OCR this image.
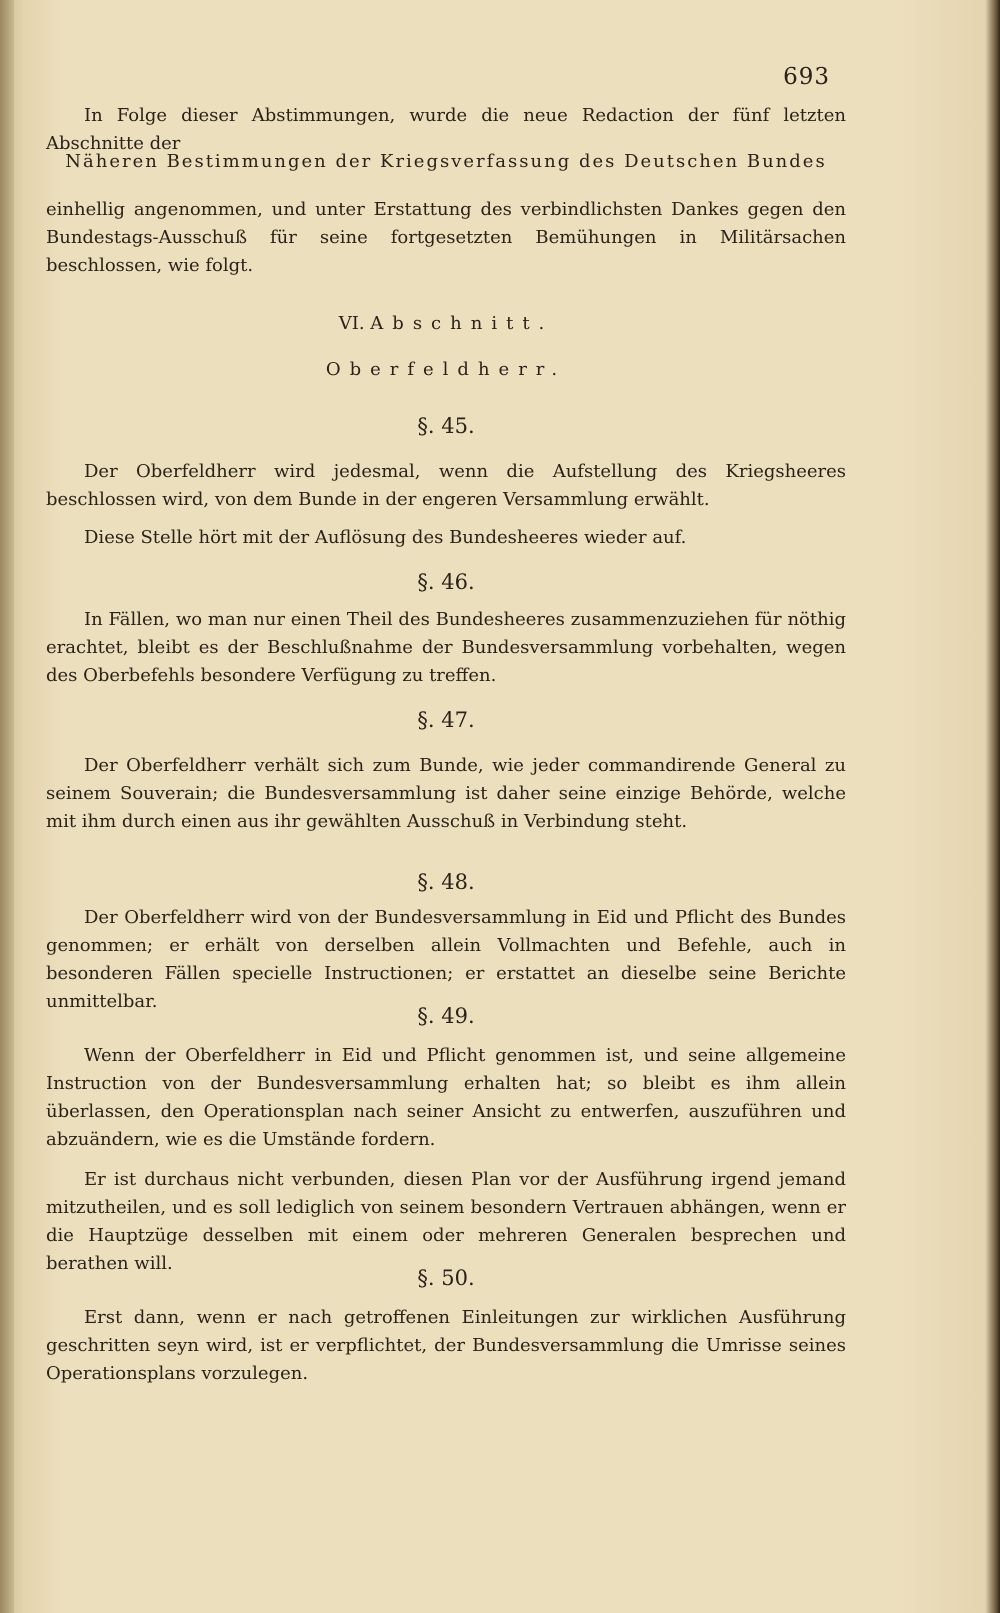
693

In Folge dieser Abstimmungen, wurde die neue Redaction der fünf letzten Abschnitte der

Näheren Bestimmungen der Kriegsverfassung des Deutschen Bundes

einhellig angenommen, und unter Erstattung des verbindlichsten Dankes gegen den Bundestags-Ausschuß für seine fortgesetzten Bemühungen in Militärsachen beschlossen, wie folgt.

VI. Abschnitt.

Oberfeldherr.

§. 45.

Der Oberfeldherr wird jedesmal, wenn die Aufstellung des Kriegsheeres beschlossen wird, von dem Bunde in der engeren Versammlung erwählt.

Diese Stelle hört mit der Auflösung des Bundesheeres wieder auf.

§. 46.

In Fällen, wo man nur einen Theil des Bundesheeres zusammenzuziehen für nöthig erachtet, bleibt es der Beschlußnahme der Bundesversammlung vorbehalten, wegen des Oberbefehls besondere Verfügung zu treffen.

§. 47.

Der Oberfeldherr verhält sich zum Bunde, wie jeder commandirende General zu seinem Souverain; die Bundesversammlung ist daher seine einzige Behörde, welche mit ihm durch einen aus ihr gewählten Ausschuß in Verbindung steht.

§. 48.

Der Oberfeldherr wird von der Bundesversammlung in Eid und Pflicht des Bundes genommen; er erhält von derselben allein Vollmachten und Befehle, auch in besonderen Fällen specielle Instructionen; er erstattet an dieselbe seine Berichte unmittelbar.

§. 49.

Wenn der Oberfeldherr in Eid und Pflicht genommen ist, und seine allgemeine Instruction von der Bundesversammlung erhalten hat; so bleibt es ihm allein überlassen, den Operationsplan nach seiner Ansicht zu entwerfen, auszuführen und abzuändern, wie es die Umstände fordern.

Er ist durchaus nicht verbunden, diesen Plan vor der Ausführung irgend jemand mitzutheilen, und es soll lediglich von seinem besondern Vertrauen abhängen, wenn er die Hauptzüge desselben mit einem oder mehreren Generalen besprechen und berathen will.

§. 50.

Erst dann, wenn er nach getroffenen Einleitungen zur wirklichen Ausführung geschritten seyn wird, ist er verpflichtet, der Bundesversammlung die Umrisse seines Operationsplans vorzulegen.
